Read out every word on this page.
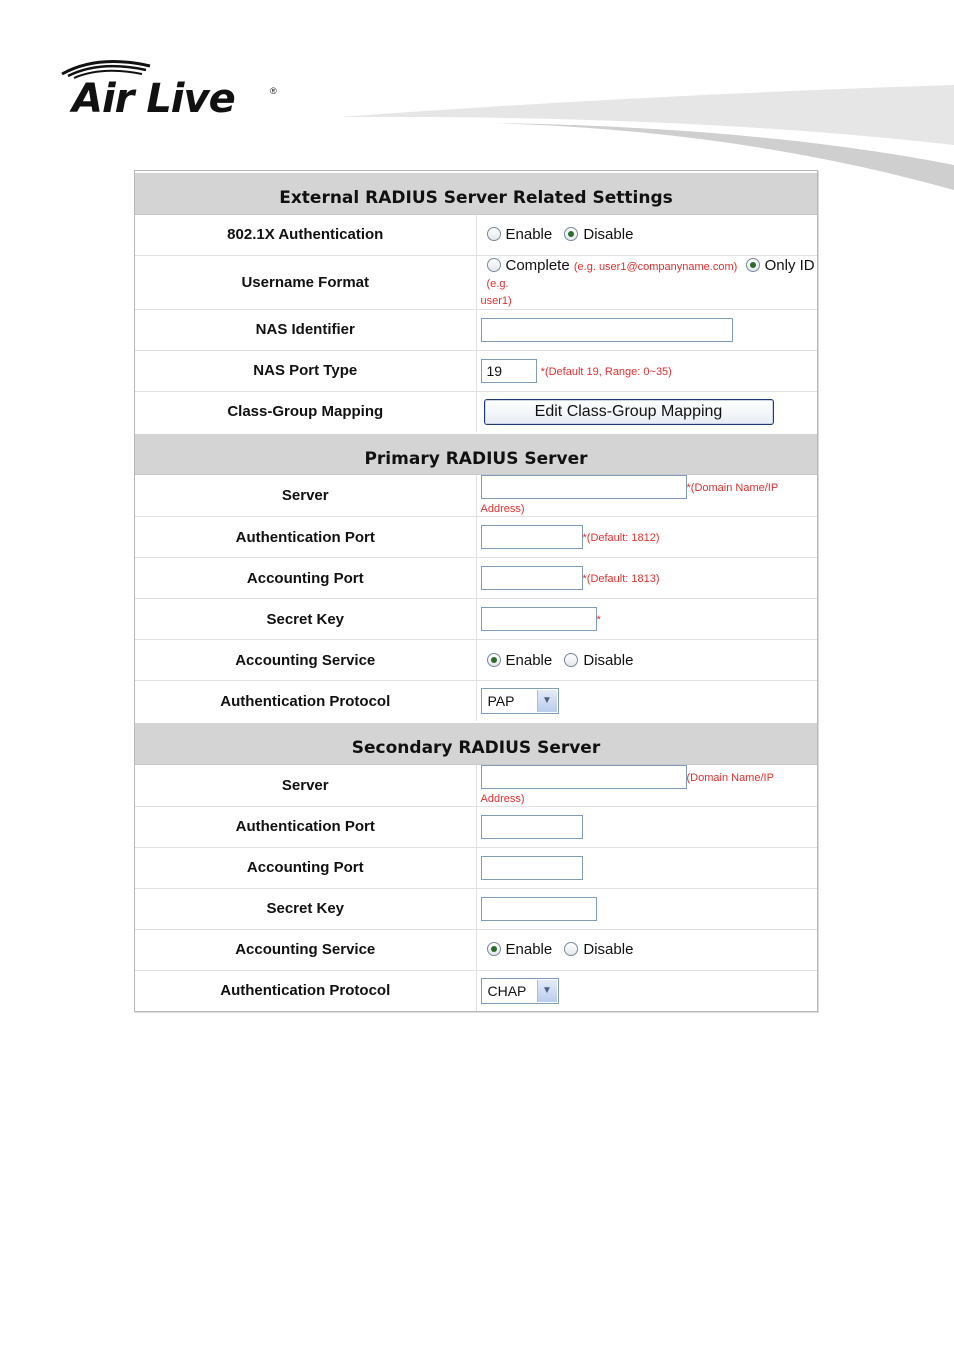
Air Live	®
External RADIUS Server Related Settings	
802.1X Authentication	Enable Disable
Username Format	Complete (e.g. user1@companyname.com) Only ID (e.g.
user1)

NAS Identifier	
NAS Port Type	19 *(Default 19, Range: 0~35)
Class-Group Mapping	Edit Class-Group Mapping
Primary RADIUS Server	
Server	*(Domain Name/IP Address)
Authentication Port	*(Default: 1812)
Accounting Port	*(Default: 1813)
Secret Key	*
Accounting Service	Enable Disable
Authentication Protocol	PAP ▼

Secondary RADIUS Server	
Server	(Domain Name/IP Address)
Authentication Port	
Accounting Port	
Secret Key	
Accounting Service	Enable Disable
Authentication Protocol	CHAP ▼
